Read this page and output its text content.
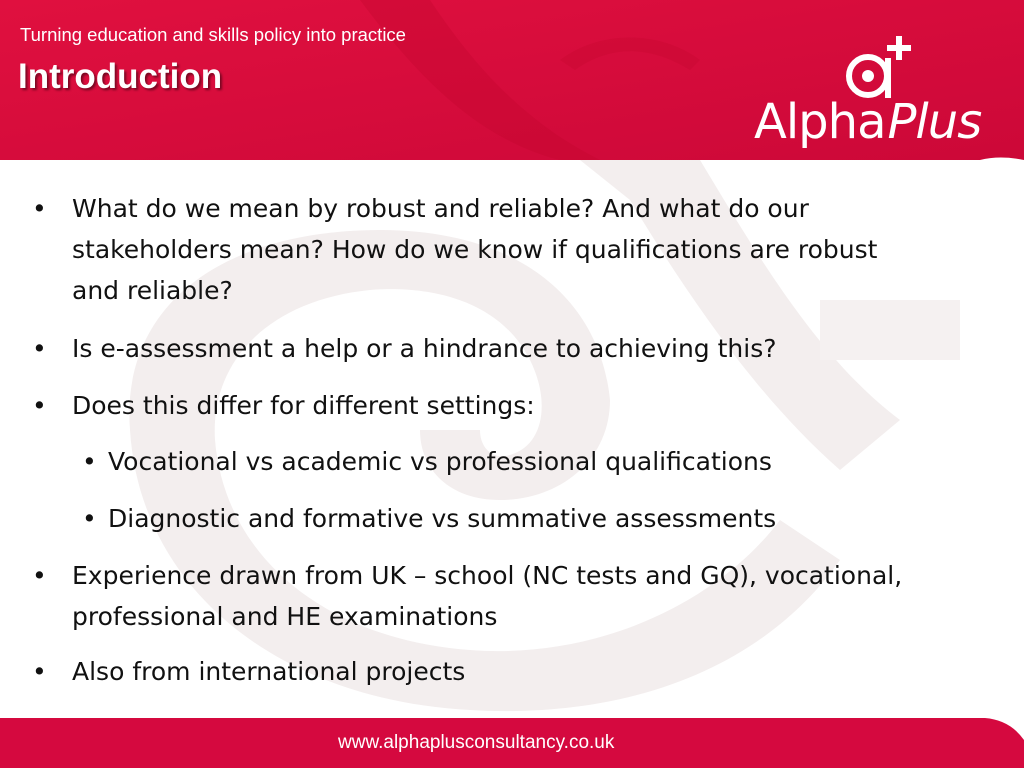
Turning education and skills policy into practice
Introduction
AlphaPlus
• What do we mean by robust and reliable? And what do our
stakeholders mean? How do we know if qualifications are robust
and reliable?
• Is e-assessment a help or a hindrance to achieving this?
• Does this differ for different settings:
• Vocational vs academic vs professional qualifications
• Diagnostic and formative vs summative assessments
• Experience drawn from UK – school (NC tests and GQ), vocational,
professional and HE examinations
• Also from international projects
www.alphaplusconsultancy.co.uk
